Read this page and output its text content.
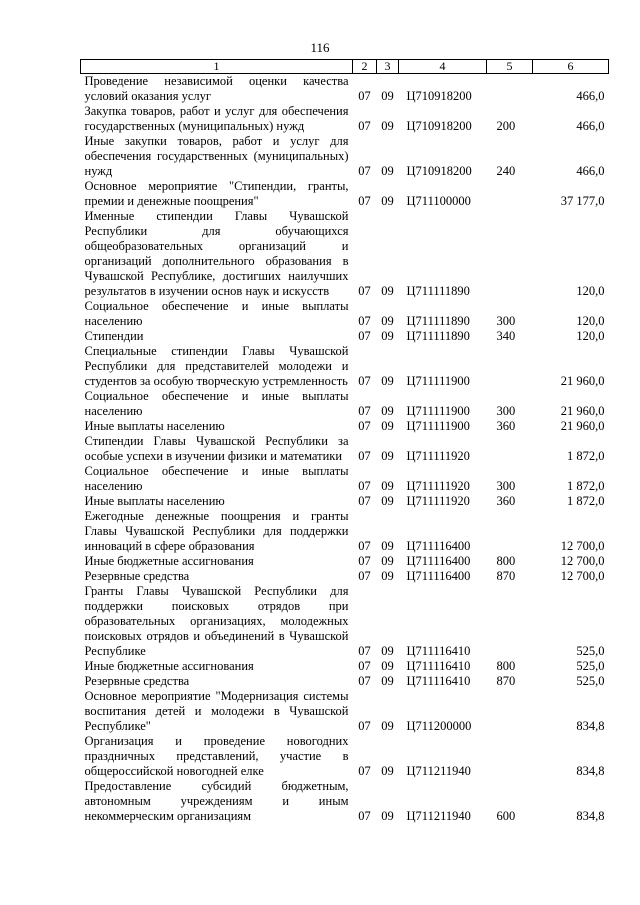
116
1	2	3	4	5	6
Проведение независимой оценки качества условий оказания услуг	07	09	Ц710918200		466,0
Закупка товаров, работ и услуг для обеспечения государственных (муниципальных) нужд	07	09	Ц710918200	200	466,0
Иные закупки товаров, работ и услуг для обеспечения государственных (муниципальных) нужд	07	09	Ц710918200	240	466,0
Основное мероприятие "Стипендии, гранты, премии и денежные поощрения"	07	09	Ц711100000		37 177,0
Именные стипендии Главы Чувашской Республики для обучающихся общеобразовательных организаций и организаций дополнительного образования в Чувашской Республике, достигших наилучших результатов в изучении основ наук и искусств	07	09	Ц711111890		120,0
Социальное обеспечение и иные выплаты населению	07	09	Ц711111890	300	120,0
Стипендии	07	09	Ц711111890	340	120,0
Специальные стипендии Главы Чувашской Республики для представителей молодежи и студентов за особую творческую устремленность	07	09	Ц711111900		21 960,0
Социальное обеспечение и иные выплаты населению	07	09	Ц711111900	300	21 960,0
Иные выплаты населению	07	09	Ц711111900	360	21 960,0
Стипендии Главы Чувашской Республики за особые успехи в изучении физики и математики	07	09	Ц711111920		1 872,0
Социальное обеспечение и иные выплаты населению	07	09	Ц711111920	300	1 872,0
Иные выплаты населению	07	09	Ц711111920	360	1 872,0
Ежегодные денежные поощрения и гранты Главы Чувашской Республики для поддержки инноваций в сфере образования	07	09	Ц711116400		12 700,0
Иные бюджетные ассигнования	07	09	Ц711116400	800	12 700,0
Резервные средства	07	09	Ц711116400	870	12 700,0
Гранты Главы Чувашской Республики для поддержки поисковых отрядов при образовательных организациях, молодежных поисковых отрядов и объединений в Чувашской Республике	07	09	Ц711116410		525,0
Иные бюджетные ассигнования	07	09	Ц711116410	800	525,0
Резервные средства	07	09	Ц711116410	870	525,0
Основное мероприятие "Модернизация системы воспитания детей и молодежи в Чувашской Республике"	07	09	Ц711200000		834,8
Организация и проведение новогодних праздничных представлений, участие в общероссийской новогодней елке	07	09	Ц711211940		834,8
Предоставление субсидий бюджетным, автономным учреждениям и иным некоммерческим организациям	07	09	Ц711211940	600	834,8
